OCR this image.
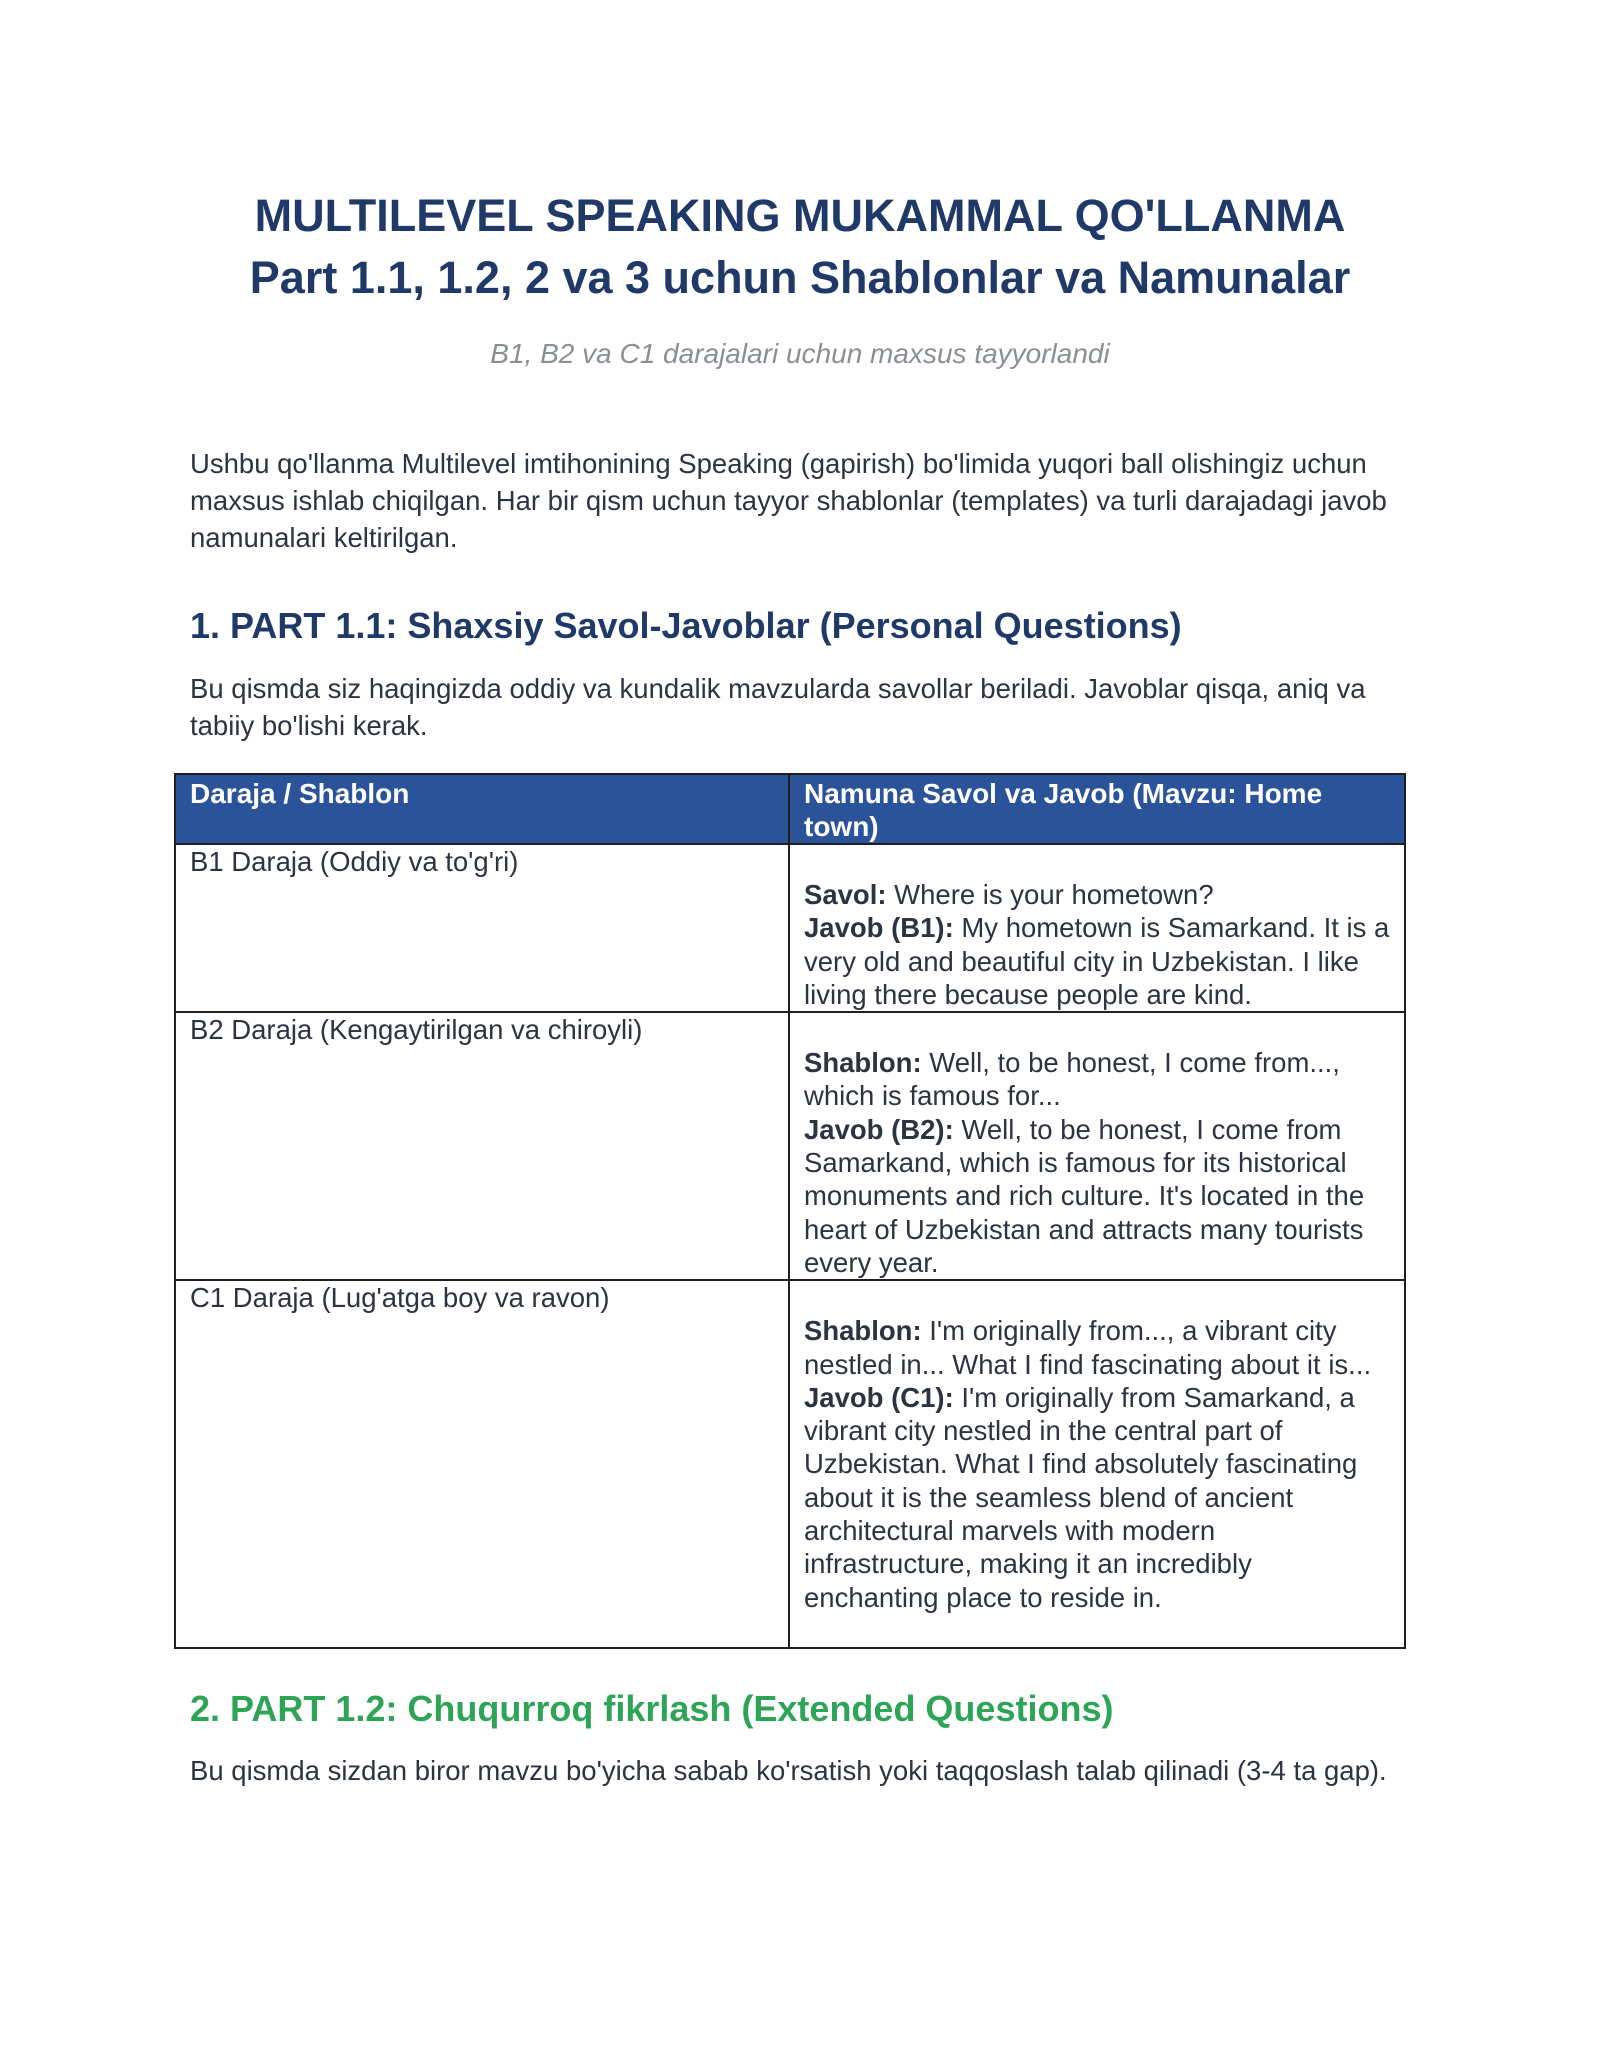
MULTILEVEL SPEAKING MUKAMMAL QO'LLANMA
Part 1.1, 1.2, 2 va 3 uchun Shablonlar va Namunalar
B1, B2 va C1 darajalari uchun maxsus tayyorlandi

Ushbu qo'llanma Multilevel imtihonining Speaking (gapirish) bo'limida yuqori ball olishingiz uchun maxsus ishlab chiqilgan. Har bir qism uchun tayyor shablonlar (templates) va turli darajadagi javob namunalari keltirilgan.

1. PART 1.1: Shaxsiy Savol-Javoblar (Personal Questions)

Bu qismda siz haqingizda oddiy va kundalik mavzularda savollar beriladi. Javoblar qisqa, aniq va tabiiy bo'lishi kerak.

Daraja / Shablon	Namuna Savol va Javob (Mavzu: Home town)
B1 Daraja (Oddiy va to'g'ri)	Savol: Where is your hometown?
Javob (B1): My hometown is Samarkand. It is a very old and beautiful city in Uzbekistan. I like living there because people are kind.

B2 Daraja (Kengaytirilgan va chiroyli)	Shablon: Well, to be honest, I come from..., which is famous for...
Javob (B2): Well, to be honest, I come from Samarkand, which is famous for its historical monuments and rich culture. It's located in the heart of Uzbekistan and attracts many tourists every year.

C1 Daraja (Lug'atga boy va ravon)	Shablon: I'm originally from..., a vibrant city nestled in... What I find fascinating about it is...
Javob (C1): I'm originally from Samarkand, a vibrant city nestled in the central part of Uzbekistan. What I find absolutely fascinating about it is the seamless blend of ancient architectural marvels with modern infrastructure, making it an incredibly enchanting place to reside in.
2. PART 1.2: Chuqurroq fikrlash (Extended Questions)

Bu qismda sizdan biror mavzu bo'yicha sabab ko'rsatish yoki taqqoslash talab qilinadi (3-4 ta gap).
